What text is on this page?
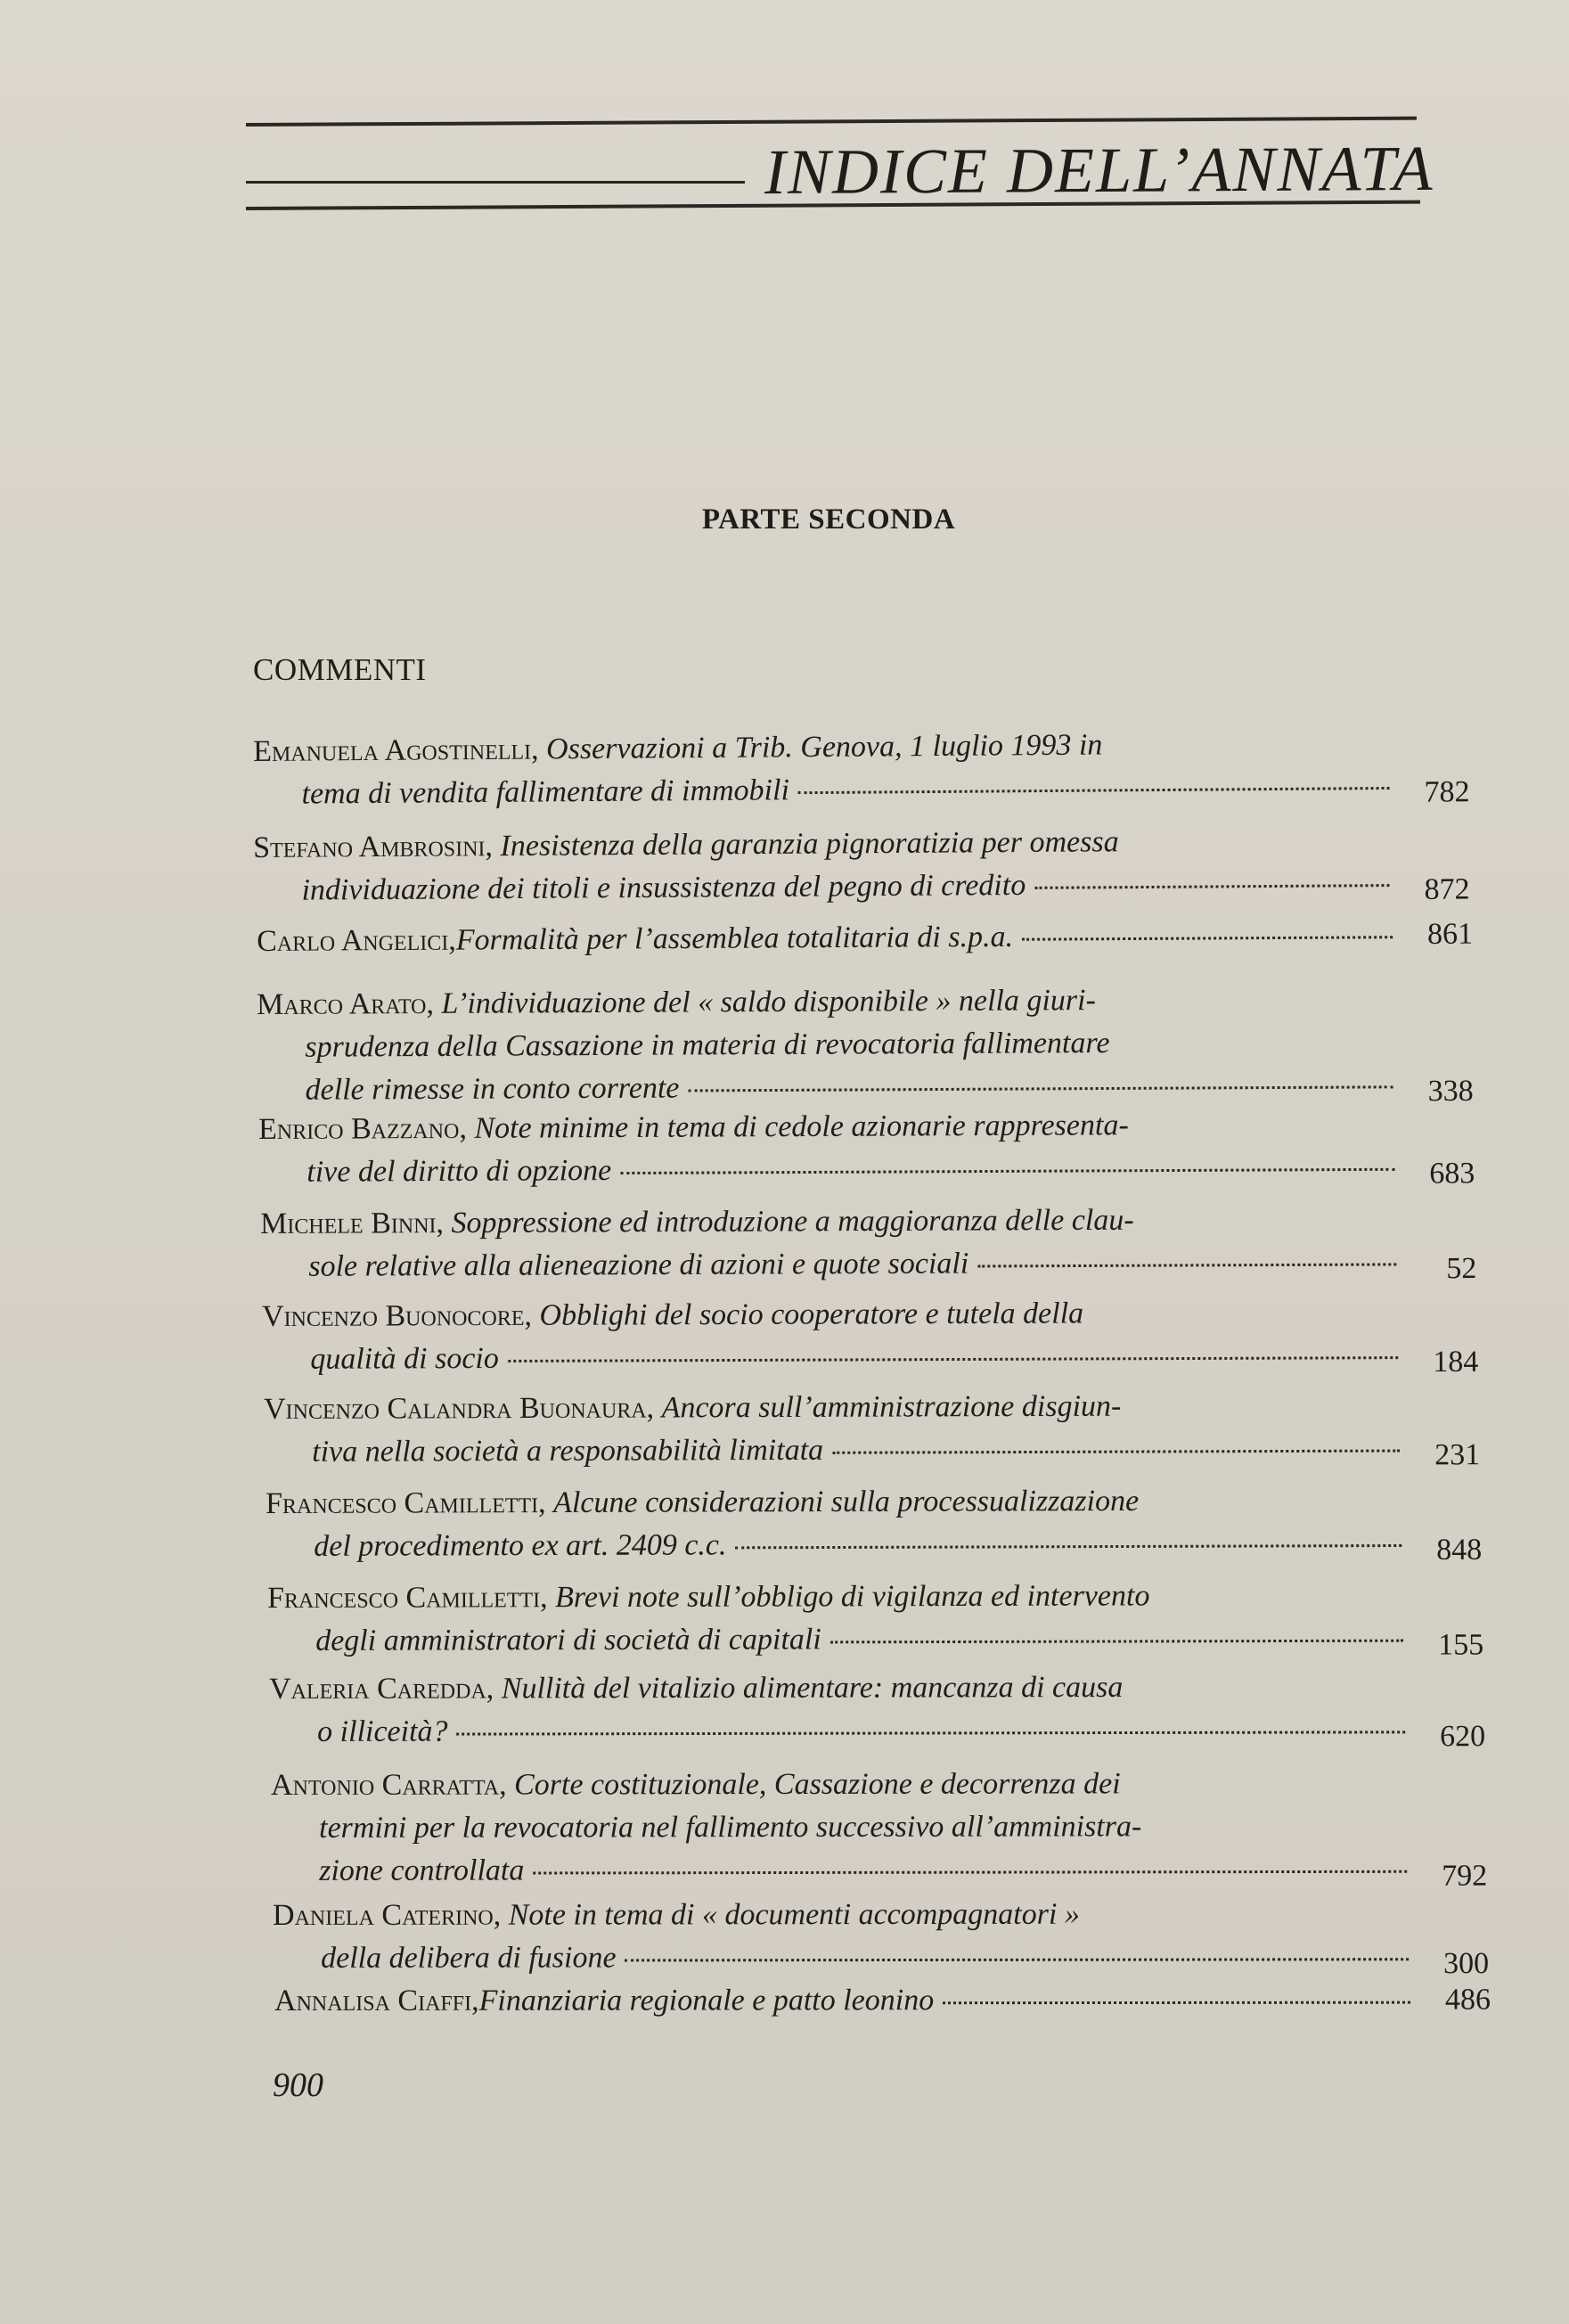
INDICE DELL’ANNATA
PARTE SECONDA
COMMENTI
Emanuela Agostinelli, Osservazioni a Trib. Genova, 1 luglio 1993 in
tema di vendita fallimentare di immobili	782
Stefano Ambrosini, Inesistenza della garanzia pignoratizia per omessa
individuazione dei titoli e insussistenza del pegno di credito	872
Carlo Angelici , Formalità per l’assemblea totalitaria di s.p.a.	861
Marco Arato, L’individuazione del « saldo disponibile » nella giuri-
sprudenza della Cassazione in materia di revocatoria fallimentare
delle rimesse in conto corrente	338
Enrico Bazzano, Note minime in tema di cedole azionarie rappresenta-
tive del diritto di opzione	683
Michele Binni, Soppressione ed introduzione a maggioranza delle clau-
sole relative alla alieneazione di azioni e quote sociali	52
Vincenzo Buonocore, Obblighi del socio cooperatore e tutela della
qualità di socio	184
Vincenzo Calandra Buonaura, Ancora sull’amministrazione disgiun-
tiva nella società a responsabilità limitata	231
Francesco Camilletti, Alcune considerazioni sulla processualizzazione
del procedimento ex art. 2409 c.c.	848
Francesco Camilletti, Brevi note sull’obbligo di vigilanza ed intervento
degli amministratori di società di capitali	155
Valeria Caredda, Nullità del vitalizio alimentare: mancanza di causa
o illiceità?	620
Antonio Carratta, Corte costituzionale, Cassazione e decorrenza dei
termini per la revocatoria nel fallimento successivo all’amministra-
zione controllata	792
Daniela Caterino, Note in tema di « documenti accompagnatori »
della delibera di fusione	300
Annalisa Ciaffi , Finanziaria regionale e patto leonino	486
900
